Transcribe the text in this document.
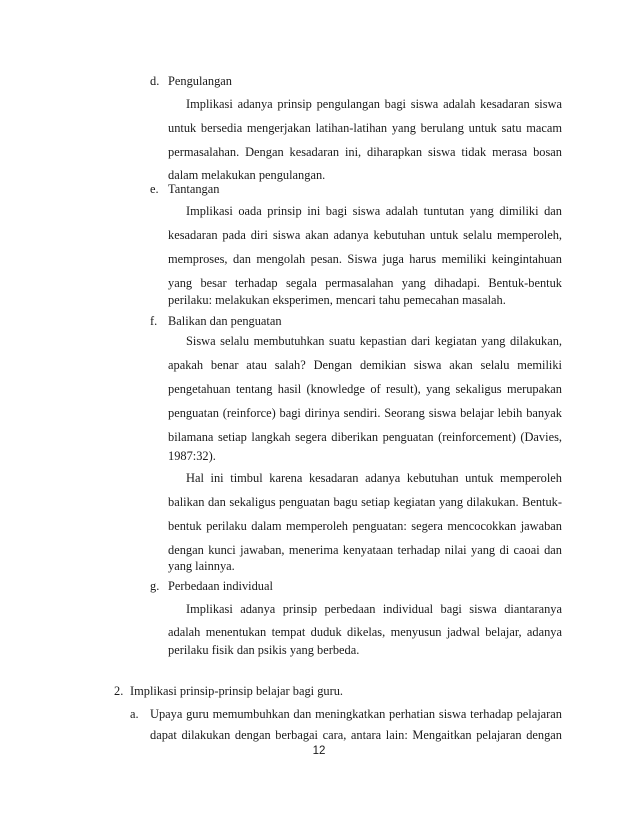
d. Pengulangan
Implikasi adanya prinsip pengulangan bagi siswa adalah kesadaran siswa
untuk bersedia mengerjakan latihan-latihan yang berulang untuk satu macam
permasalahan. Dengan kesadaran ini, diharapkan siswa tidak merasa bosan
dalam melakukan pengulangan.
e. Tantangan
Implikasi oada prinsip ini bagi siswa adalah tuntutan yang dimiliki dan
kesadaran pada diri siswa akan adanya kebutuhan untuk selalu memperoleh,
memproses, dan mengolah pesan. Siswa juga harus memiliki keingintahuan
yang besar terhadap segala permasalahan yang dihadapi. Bentuk-bentuk
perilaku: melakukan eksperimen, mencari tahu pemecahan masalah.
f. Balikan dan penguatan
Siswa selalu membutuhkan suatu kepastian dari kegiatan yang dilakukan,
apakah benar atau salah? Dengan demikian siswa akan selalu memiliki
pengetahuan tentang hasil (knowledge of result), yang sekaligus merupakan
penguatan (reinforce) bagi dirinya sendiri. Seorang siswa belajar lebih banyak
bilamana setiap langkah segera diberikan penguatan (reinforcement) (Davies,
1987:32).
Hal ini timbul karena kesadaran adanya kebutuhan untuk memperoleh
balikan dan sekaligus penguatan bagu setiap kegiatan yang dilakukan. Bentuk-
bentuk perilaku dalam memperoleh penguatan: segera mencocokkan jawaban
dengan kunci jawaban, menerima kenyataan terhadap nilai yang di caoai dan
yang lainnya.
g. Perbedaan individual
Implikasi adanya prinsip perbedaan individual bagi siswa diantaranya
adalah menentukan tempat duduk dikelas, menyusun jadwal belajar, adanya
perilaku fisik dan psikis yang berbeda.
2. Implikasi prinsip-prinsip belajar bagi guru.
a. Upaya guru memumbuhkan dan meningkatkan perhatian siswa terhadap pelajaran
dapat dilakukan dengan berbagai cara, antara lain: Mengaitkan pelajaran dengan
12
